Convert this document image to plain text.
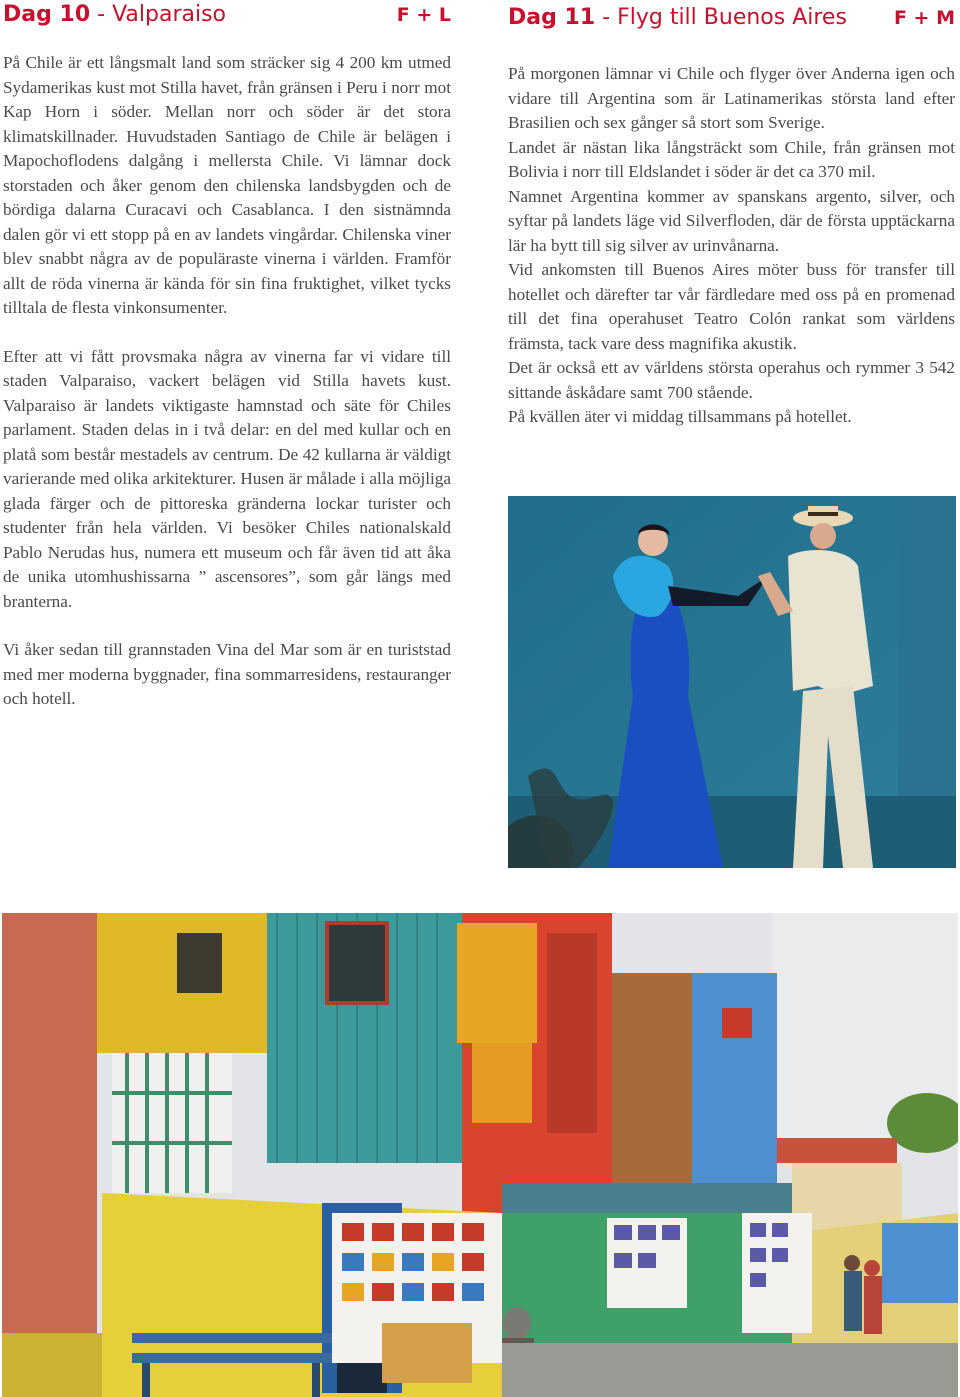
Dag 10 - Valparaiso	F + L

På Chile är ett långsmalt land som sträcker sig 4 200 km utmed Sydamerikas kust mot Stilla havet, från gränsen i Peru i norr mot Kap Horn i söder. Mellan norr och söder är det stora klimatskillnader. Huvudstaden Santiago de Chile är belägen i Mapochoflodens dalgång i mellersta Chile. Vi lämnar dock storstaden och åker genom den chilenska landsbygden och de bördiga dalarna Curacavi och Casablanca. I den sistnämnda dalen gör vi ett stopp på en av landets vingårdar. Chilenska viner blev snabbt några av de populäraste vinerna i världen. Framför allt de röda vinerna är kända för sin fina fruktighet, vilket tycks tilltala de flesta vinkonsumenter.

Efter att vi fått provsmaka några av vinerna far vi vidare till staden Valparaiso, vackert belägen vid Stilla havets kust. Valparaiso är landets viktigaste hamnstad och säte för Chiles parlament. Staden delas in i två delar: en del med kullar och en platå som består mestadels av centrum. De 42 kullarna är väldigt varierande med olika arkitekturer. Husen är målade i alla möjliga glada färger och de pittoreska gränderna lockar turister och studenter från hela världen. Vi besöker Chiles nationalskald Pablo Nerudas hus, numera ett museum och får även tid att åka de unika utomhushissarna ” ascensores”, som går längs med branterna.

Vi åker sedan till grannstaden Vina del Mar som är en turiststad med mer moderna byggnader, fina sommarresidens, restauranger och hotell.

Dag 11 - Flyg till Buenos Aires F + M

På morgonen lämnar vi Chile och flyger över Anderna igen och vidare till Argentina som är Latinamerikas största land efter Brasilien och sex gånger så stort som Sverige.

Landet är nästan lika långsträckt som Chile, från gränsen mot Bolivia i norr till Eldslandet i söder är det ca 370 mil.

Namnet Argentina kommer av spanskans argento, silver, och syftar på landets läge vid Silverfloden, där de första upptäckarna lär ha bytt till sig silver av urinvånarna.

Vid ankomsten till Buenos Aires möter buss för transfer till hotellet och därefter tar vår färdledare med oss på en promenad till det fina operahuset Teatro Colón rankat som världens främsta, tack vare dess magnifika akustik.

Det är också ett av världens största operahus och rymmer 3 542 sittande åskådare samt 700 stående.

På kvällen äter vi middag tillsammans på hotellet.
